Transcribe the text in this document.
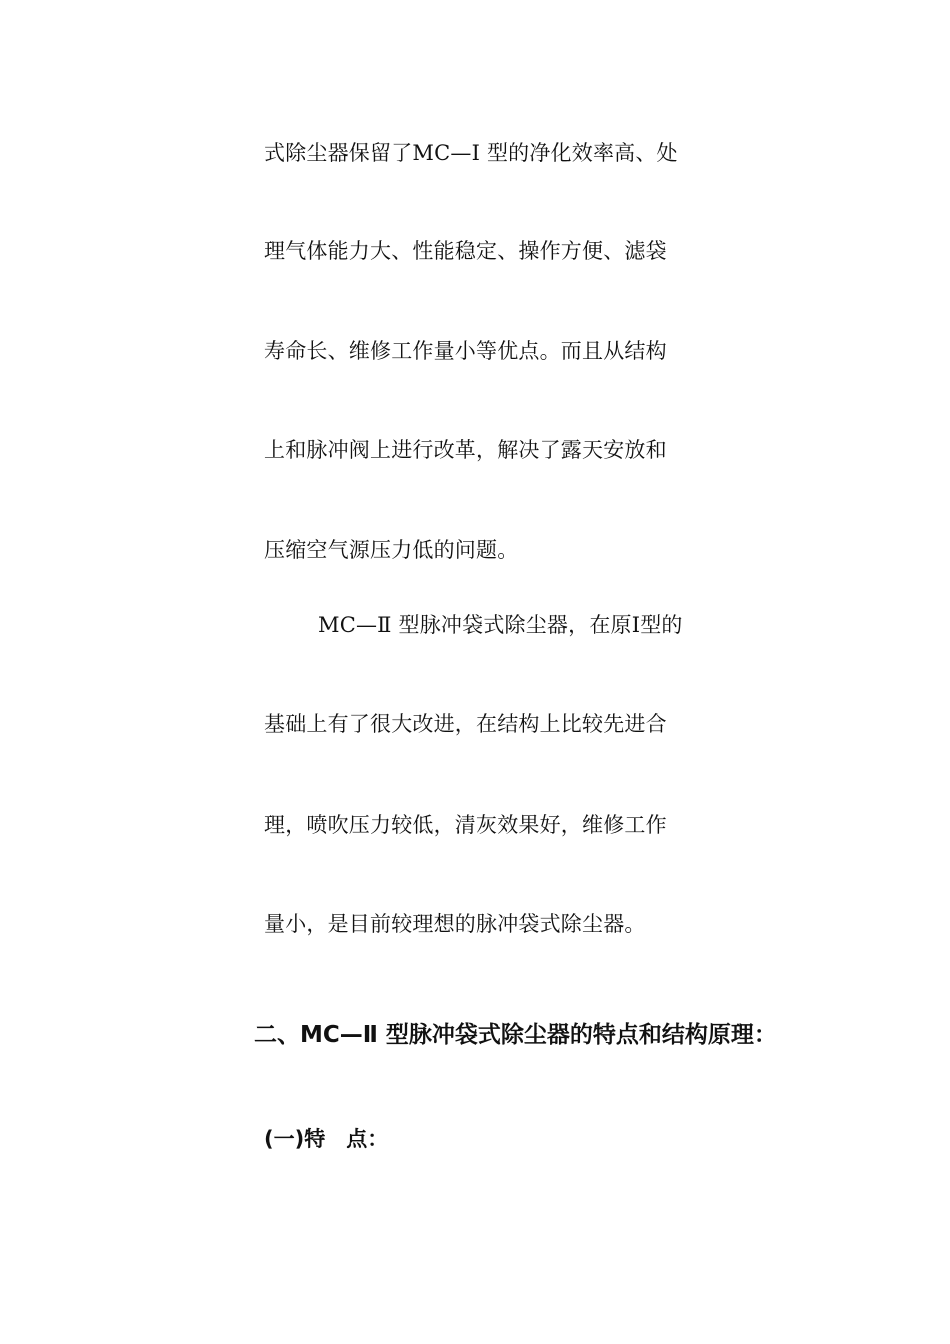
式除尘器保留了MC—Ⅰ 型的净化效率高、处
理气体能力大、性能稳定、操作方便、滤袋
寿命长、维修工作量小等优点。而且从结构
上和脉冲阀上进行改革，解决了露天安放和
压缩空气源压力低的问题。
MC—Ⅱ 型脉冲袋式除尘器，在原Ⅰ型的
基础上有了很大改进，在结构上比较先进合
理，喷吹压力较低，清灰效果好，维修工作
量小，是目前较理想的脉冲袋式除尘器。
二、MC—Ⅱ 型脉冲袋式除尘器的特点和结构原理：
(一)特　点：
